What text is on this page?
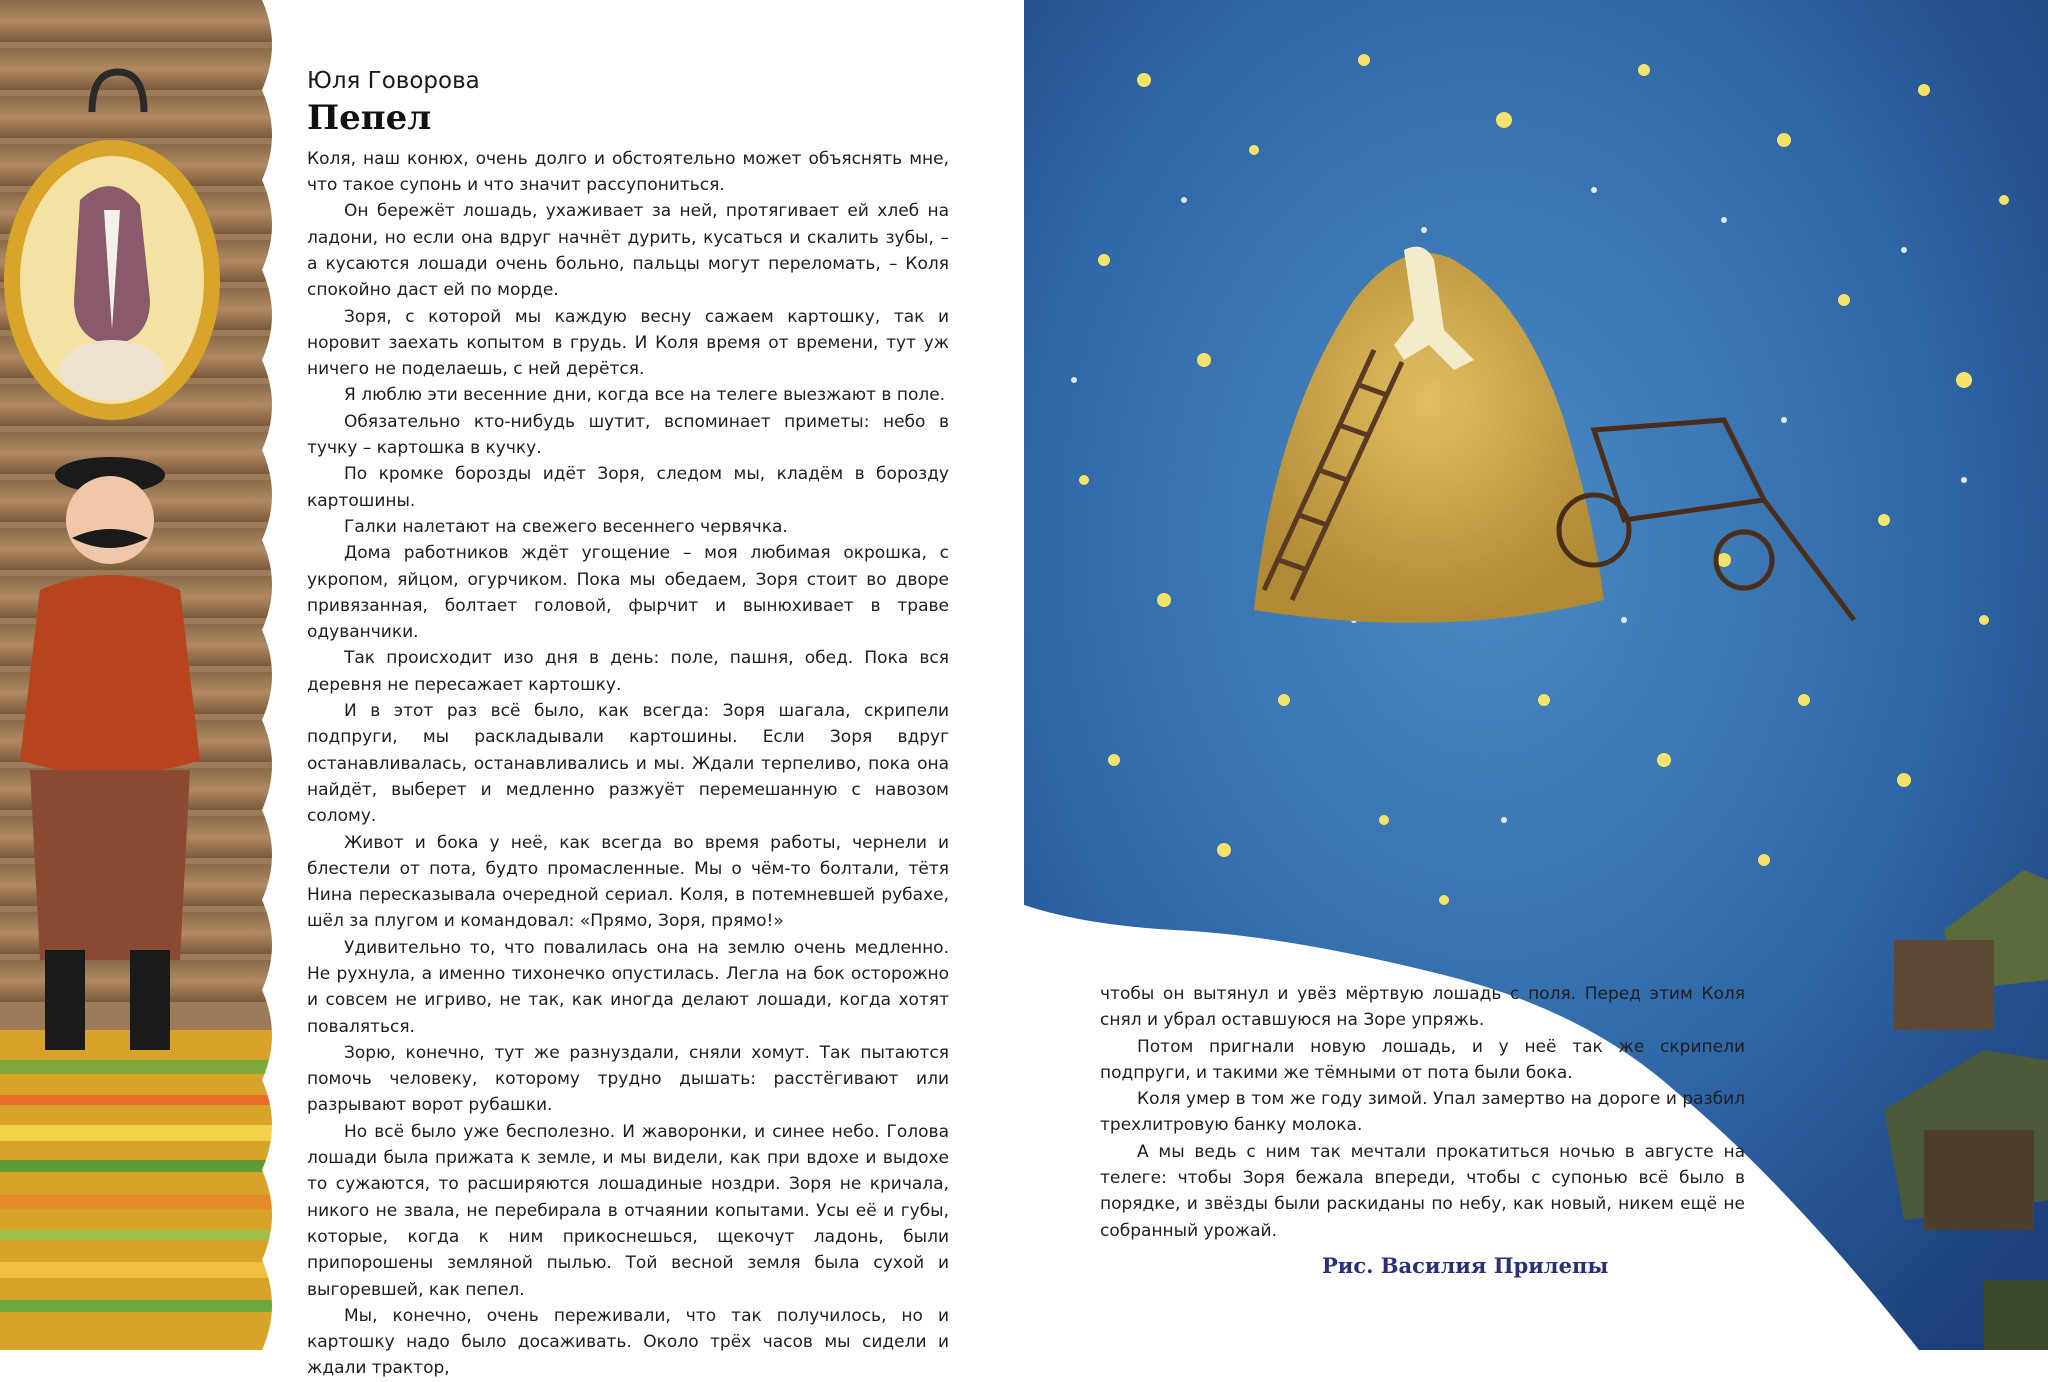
Юля Говорова
Пепел

Коля, наш конюх, очень долго и обстоятельно может объяснять мне, что такое супонь и что значит рассупониться.

Он бережёт лошадь, ухаживает за ней, протягивает ей хлеб на ладони, но если она вдруг начнёт дурить, кусаться и скалить зубы, – а кусаются лошади очень больно, пальцы могут переломать, – Коля спокойно даст ей по морде.

Зоря, с которой мы каждую весну сажаем картошку, так и норовит заехать копытом в грудь. И Коля время от времени, тут уж ничего не поделаешь, с ней дерётся.

Я люблю эти весенние дни, когда все на телеге выезжают в поле.

Обязательно кто-нибудь шутит, вспоминает приметы: небо в тучку – картошка в кучку.

По кромке борозды идёт Зоря, следом мы, кладём в борозду картошины.

Галки налетают на свежего весеннего червячка.

Дома работников ждёт угощение – моя любимая окрошка, с укропом, яйцом, огурчиком. Пока мы обедаем, Зоря стоит во дворе привязанная, болтает головой, фырчит и вынюхивает в траве одуванчики.

Так происходит изо дня в день: поле, пашня, обед. Пока вся деревня не пересажает картошку.

И в этот раз всё было, как всегда: Зоря шагала, скрипели подпруги, мы раскладывали картошины. Если Зоря вдруг останавливалась, останавливались и мы. Ждали терпеливо, пока она найдёт, выберет и медленно разжуёт перемешанную с навозом солому.

Живот и бока у неё, как всегда во время работы, чернели и блестели от пота, будто промасленные. Мы о чём-то болтали, тётя Нина пересказывала очередной сериал. Коля, в потемневшей рубахе, шёл за плугом и командовал: «Прямо, Зоря, прямо!»

Удивительно то, что повалилась она на землю очень медленно. Не рухнула, а именно тихонечко опустилась. Легла на бок осторожно и совсем не игриво, не так, как иногда делают лошади, когда хотят поваляться.

Зорю, конечно, тут же разнуздали, сняли хомут. Так пытаются помочь человеку, которому трудно дышать: расстёгивают или разрывают ворот рубашки.

Но всё было уже бесполезно. И жаворонки, и синее небо. Голова лошади была прижата к земле, и мы видели, как при вдохе и выдохе то сужаются, то расширяются лошадиные ноздри. Зоря не кричала, никого не звала, не перебирала в отчаянии копытами. Усы её и губы, которые, когда к ним прикоснешься, щекочут ладонь, были припорошены земляной пылью. Той весной земля была сухой и выгоревшей, как пепел.

Мы, конечно, очень переживали, что так получилось, но и картошку надо было досаживать. Около трёх часов мы сидели и ждали трактор,

чтобы он вытянул и увёз мёртвую лошадь с поля. Перед этим Коля снял и убрал оставшуюся на Зоре упряжь.

Потом пригнали новую лошадь, и у неё так же скрипели подпруги, и такими же тёмными от пота были бока.

Коля умер в том же году зимой. Упал замертво на дороге и разбил трехлитровую банку молока.

А мы ведь с ним так мечтали прокатиться ночью в августе на телеге: чтобы Зоря бежала впереди, чтобы с супонью всё было в порядке, и звёзды были раскиданы по небу, как новый, никем ещё не собранный урожай.

Рис. Василия Прилепы
